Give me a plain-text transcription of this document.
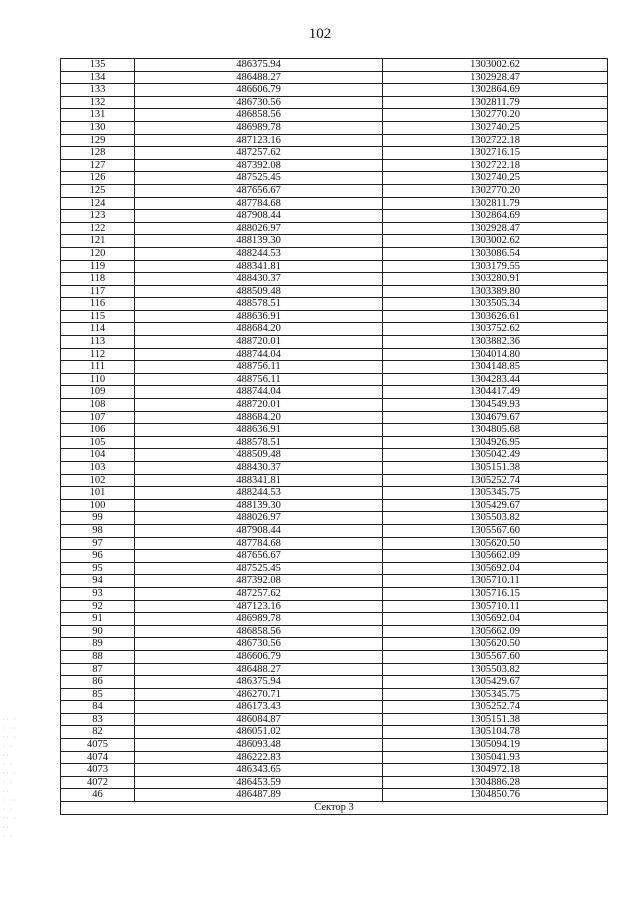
102
135	486375.94	1303002.62
134	486488.27	1302928.47
133	486606.79	1302864.69
132	486730.56	1302811.79
131	486858.56	1302770.20
130	486989.78	1302740.25
129	487123.16	1302722.18
128	487257.62	1302716.15
127	487392.08	1302722.18
126	487525.45	1302740.25
125	487656.67	1302770.20
124	487784.68	1302811.79
123	487908.44	1302864.69
122	488026.97	1302928.47
121	488139.30	1303002.62
120	488244.53	1303086.54
119	488341.81	1303179.55
118	488430.37	1303280.91
117	488509.48	1303389.80
116	488578.51	1303505.34
115	488636.91	1303626.61
114	488684.20	1303752.62
113	488720.01	1303882.36
112	488744.04	1304014.80
111	488756.11	1304148.85
110	488756.11	1304283.44
109	488744.04	1304417.49
108	488720.01	1304549.93
107	488684.20	1304679.67
106	488636.91	1304805.68
105	488578.51	1304926.95
104	488509.48	1305042.49
103	488430.37	1305151.38
102	488341.81	1305252.74
101	488244.53	1305345.75
100	488139.30	1305429.67
99	488026.97	1305503.82
98	487908.44	1305567.60
97	487784.68	1305620.50
96	487656.67	1305662.09
95	487525.45	1305692.04
94	487392.08	1305710.11
93	487257.62	1305716.15
92	487123.16	1305710.11
91	486989.78	1305692.04
90	486858.56	1305662.09
89	486730.56	1305620.50
88	486606.79	1305567.60
87	486488.27	1305503.82
86	486375.94	1305429.67
85	486270.71	1305345.75
84	486173.43	1305252.74
83	486084.87	1305151.38
82	486051.02	1305104.78
4075	486093.48	1305094.19
4074	486222.83	1305041.93
4073	486343.65	1304972.18
4072	486453.59	1304886.28
46	486487.89	1304850.76
Сектор 3		
·· ·
· ··
·· ·
· ·
··
· ·
·· ·
· ·
··
· ··
· ·
·· ·
··
· ·
